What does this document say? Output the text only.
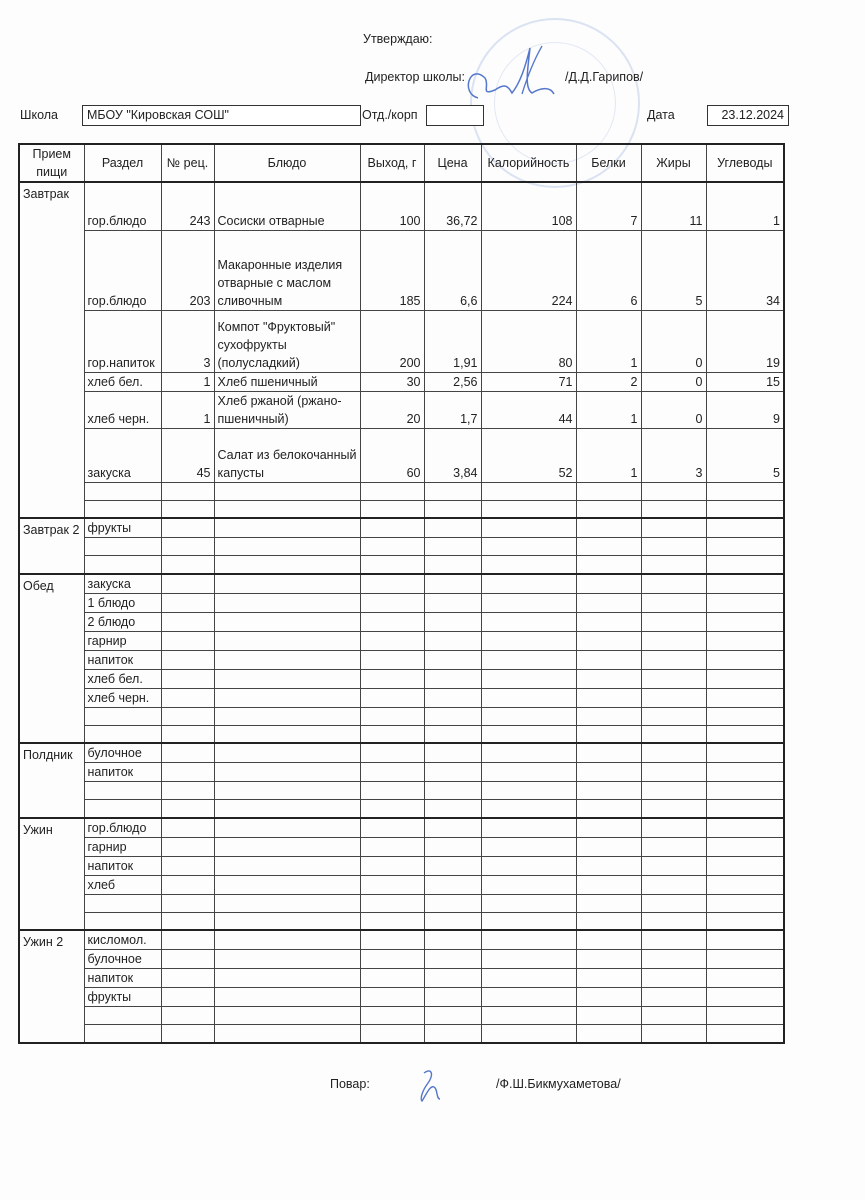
Утверждаю:
Директор школы:	/Д.Д.Гарипов/
Школа	МБОУ "Кировская СОШ"	Отд./корп	Дата	23.12.2024
Прием пищи	Раздел	№ рец.	Блюдо	Выход, г	Цена	Калорийность	Белки	Жиры	Углеводы
Завтрак	гор.блюдо	243	Сосиски отварные	100	36,72	108	7	11	1
	гор.блюдо	203	Макаронные изделия отварные с маслом сливочным	185	6,6	224	6	5	34
	гор.напиток	3	Компот "Фруктовый" сухофрукты (полусладкий)	200	1,91	80	1	0	19
	хлеб бел.	1	Хлеб пшеничный	30	2,56	71	2	0	15
	хлеб черн.	1	Хлеб ржаной (ржано-пшеничный)	20	1,7	44	1	0	9
	закуска	45	Салат из белокочанный капусты	60	3,84	52	1	3	5

Завтрак 2	фрукты								

Обед	закуска								
	1 блюдо								
	2 блюдо								
	гарнир								
	напиток								
	хлеб бел.								
	хлеб черн.								

Полдник	булочное								
	напиток								

Ужин	гор.блюдо								
	гарнир								
	напиток								
	хлеб								

Ужин 2	кисломол.								
	булочное								
	напиток								
	фрукты								

Повар:	/Ф.Ш.Бикмухаметова/
